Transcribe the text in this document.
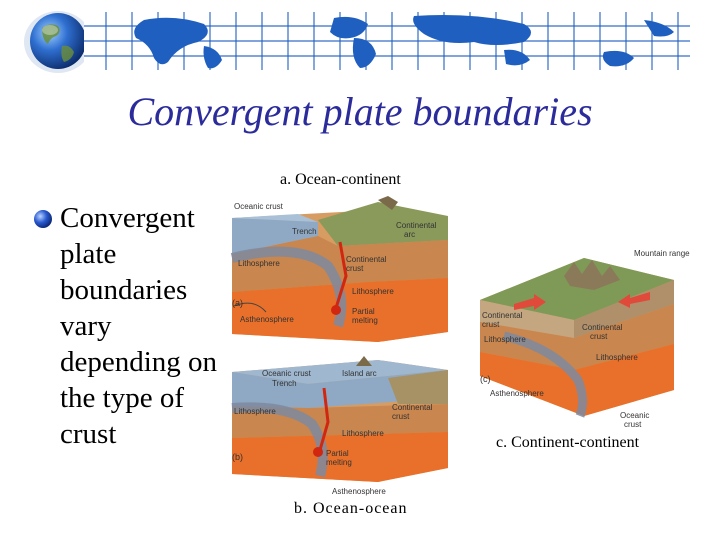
Convergent plate boundaries
Convergent plate boundaries vary depending on the type of crust
a. Ocean-continent
b. Ocean-ocean
c. Continent-continent
Oceanic crust
Trench
Continental
arc
Continental
crust
Lithosphere
Lithosphere
(a)
Asthenosphere
Partial
melting
Oceanic crust
Trench
Island arc
Continental
crust
Lithosphere
Lithosphere
(b)	Partial
melting
Asthenosphere
Mountain range
Continental
crust	Continental
crust
Lithosphere
Lithosphere
(c)
Asthenosphere
Oceanic
crust
